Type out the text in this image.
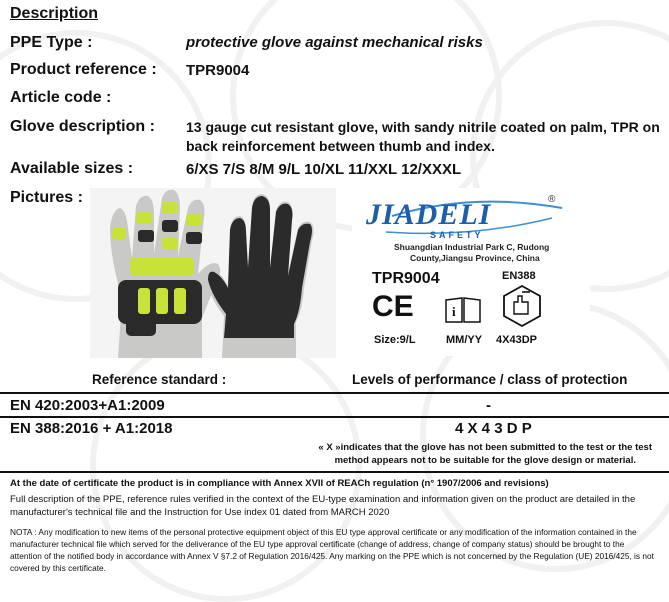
Description
PPE Type :	protective glove against mechanical risks
Product reference : TPR9004
Article code :
Glove description : 13 gauge cut resistant glove, with sandy nitrile coated on palm, TPR on
back reinforcement between thumb and index.
Available sizes :	6/XS 7/S 8/M 9/L 10/XL 11/XXL 12/XXXL
Pictures :
JIADELI	®
SAFETY
Shuangdian Industrial Park C, Rudong
County,Jiangsu Province, China
TPR9004	EN388
CE	i
Size:9/L	MM/YY 4X43DP
Reference standard :	Levels of performance / class of protection
EN 420:2003+A1:2009	-
EN 388:2016 + A1:2018	4 X 4 3 D P
« X »indicates that the glove has not been submitted to the test or the test
method appears not to be suitable for the glove design or material.
At the date of certificate the product is in compliance with Annex XVII of REACh regulation (n° 1907/2006 and revisions)
Full description of the PPE, reference rules verified in the context of the EU-type examination and information given on the product are detailed in the
manufacturer's technical file and the Instruction for Use index 01 dated from MARCH 2020
NOTA : Any modification to new items of the personal protective equipment object of this EU type approval certificate or any modification of the information contained in the
manufacturer technical file which served for the deliverance of the EU type approval certificate (change of address, change of company status) should be brought to the
attention of the notified body in accordance with Annex V §7.2 of Regulation 2016/425. Any marking on the PPE which is not concerned by the Regulation (UE) 2016/425, is not
covered by this certificate.
